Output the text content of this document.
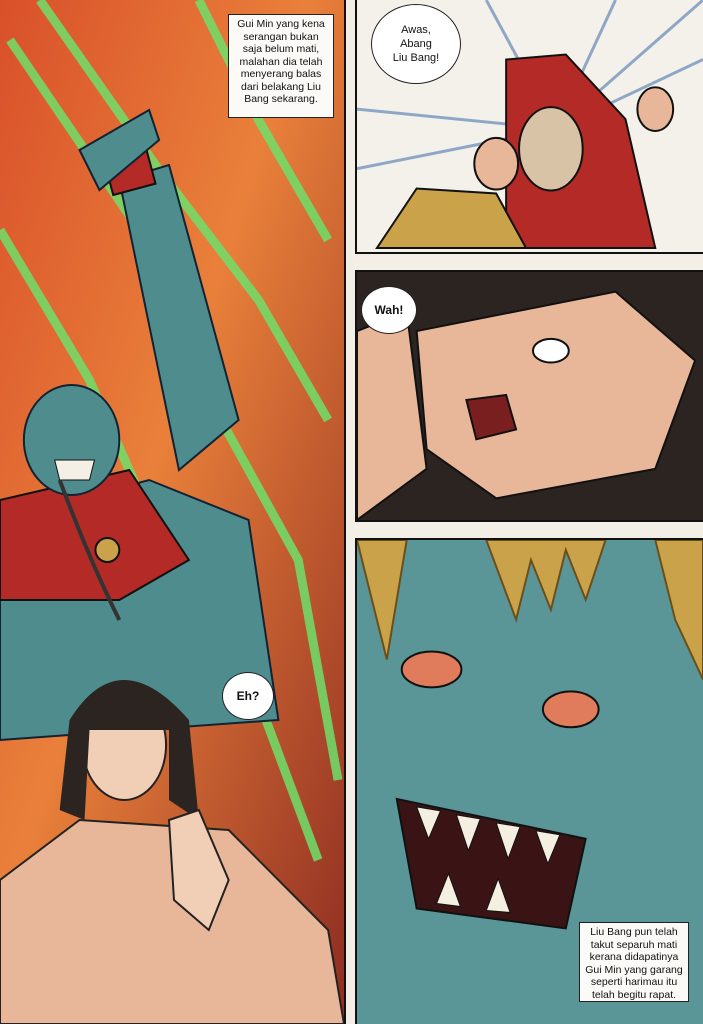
Gui Min yang kena
serangan bukan
saja belum mati,
malahan dia telah
menyerang balas
dari belakang Liu
Bang sekarang.
Eh?
Awas,
Abang
Liu Bang!
Wah!
Liu Bang pun telah
takut separuh mati
kerana didapatinya
Gui Min yang garang
seperti harimau itu
telah begitu rapat.
